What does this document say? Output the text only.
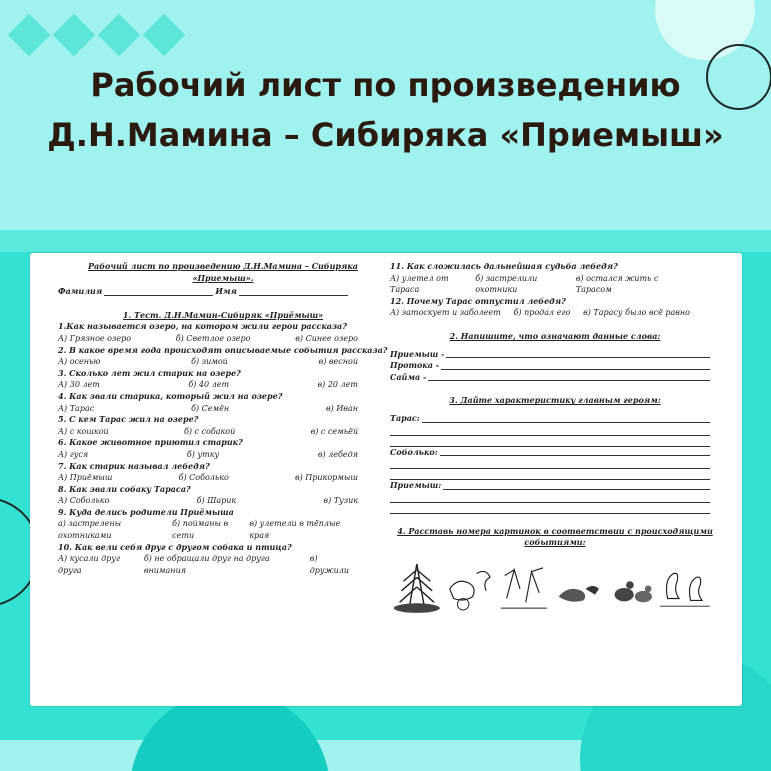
Рабочий лист по произведению Д.Н.Мамина – Сибиряка «Приемыш»
Рабочий лист по произведению Д.Н.Мамина – Сибиряка «Приемыш».
Фамилия	Имя
1. Тест. Д.Н.Мамин-Сибиряк «Приёмыш»
1.Как называется озеро, на котором жили герои рассказа?
А) Грязное озеро	б) Светлое озеро	в) Синее озеро
2. В какое время года происходят описываемые события рассказа?
А) осенью	б) зимой	в) весной
3. Сколько лет жил старик на озере?
А) 30 лет	б) 40 лет	в) 20 лет
4. Как звали старика, который жил на озере?
А) Тарас	б) Семён	в) Иван
5. С кем Тарас жил на озере?
А) с кошкой	б) с собакой	в) с семьёй
6. Какое животное приютил старик?
А) гуся	б) утку	в) лебедя
7. Как старик называл лебедя?
А) Приёмыш	б) Соболько	в) Прикормыш
8. Как звали собаку Тараса?
А) Соболько	б) Шарик	в) Тузик
9. Куда делись родители Приёмыша
а) застрелены охотниками
б) пойманы в сети
в) улетели в тёплые края
10. Как вели себя друг с другом собака и птица?
А) кусали друг друга
б) не обращали друг на друга внимания
в) дружили
11. Как сложилась дальнейшая судьба лебедя?
А) улетел от Тараса
б) застрелили охотники
в) остался жить с Тарасом
12. Почему Тарас отпустил лебедя?
А) затоскует и заболеет б) продал его в) Тарасу было всё равно
2. Напишите, что означают данные слова:
Приемыш -
Протока -
Сайма -
3. Дайте характеристику главным героям:
Тарас:
Соболько:
Приемыш:
4. Расставь номера картинок в соответствии с происходящими событиями:
